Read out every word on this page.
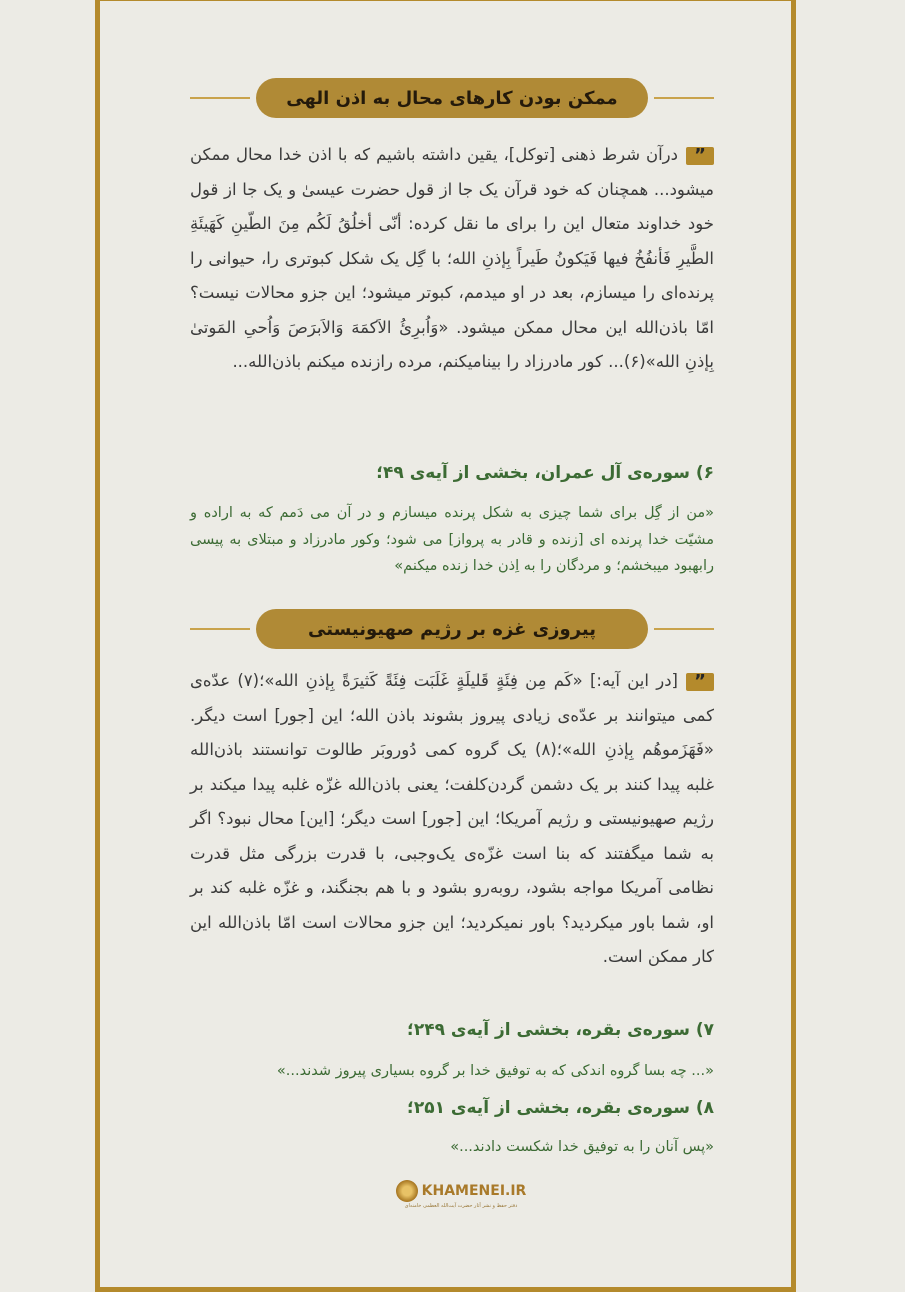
ممکن بودن کارهای محال به اذن الهی
”درآن شرط ذهنی [توکل]، یقین داشته باشیم که با اذن خدا محال ممکن میشود... همچنان که خود قرآن یک جا از قول حضرت عیسیٰ و یک جا از قول خود خداوند متعال این را برای ما نقل کرده: أنّی أخلُقُ لَکُم مِنَ الطّینِ کَهَیئَةِ الطَّیرِ فَأنفُخُ فیها فَیَکونُ طَیراً بِإذنِ الله؛ با گِل یک شکل کبوتری را، حیوانی را پرنده‌ای را میسازم، بعد در او میدمم، کبوتر میشود؛ این جزو محالات نیست؟ امّا باذن‌الله این محال ممکن میشود. «وَاُبرِئُ الاَکمَهَ وَالاَبرَصَ وَاُحیِ المَوتیٰ بِإذنِ الله»(۶)... کور مادرزاد را بینامیکنم، مرده رازنده میکنم باذن‌الله...
۶) سوره‌ی آل عمران، بخشی از آیه‌ی ۴۹؛
«من از گِل برای شما چیزی به شکل پرنده میسازم و در آن می دَمم که به اراده و مشیّت خدا پرنده ای [زنده و قادر به پرواز] می شود؛ وکور مادرزاد و مبتلای به پیسی رابهبود میبخشم؛ و مردگان را به اِذن خدا زنده میکنم»
پیروزی غزه بر رژیم صهیونیستی
”[در این آیه:] «کَم مِن فِئَةٍ قَلیلَةٍ غَلَبَت فِئَةً کَثیرَةً بِإذنِ الله»؛(۷) عدّه‌ی کمی میتوانند بر عدّه‌ی زیادی پیروز بشوند باذن الله؛ این [جور] است دیگر. «فَهَزَموهُم بِإذنِ الله»؛(۸) یک گروه کمی دُوروبَر طالوت توانستند باذن‌الله غلبه پیدا کنند بر یک دشمن گردن‌کلفت؛ یعنی باذن‌الله غزّه غلبه پیدا میکند بر رژیم صهیونیستی و رژیم آمریکا؛ این [جور] است دیگر؛ [این] محال نبود؟ اگر به شما میگفتند که بنا است غزّه‌ی یک‌وجبی، با قدرت بزرگی مثل قدرت نظامی آمریکا مواجه بشود، روبه‌رو بشود و با هم بجنگند، و غزّه غلبه کند بر او، شما باور میکردید؟ باور نمیکردید؛ این جزو محالات است امّا باذن‌الله این کار ممکن است.
۷) سوره‌ی بقره، بخشی از آیه‌ی ۲۴۹؛
«... چه بسا گروه اندکی که به توفیق خدا بر گروه بسیاری پیروز شدند...»
۸) سوره‌ی بقره، بخشی از آیه‌ی ۲۵۱؛
«پس آنان را به توفیق خدا شکست دادند...»
KHAMENEI.IR
دفتر حفظ و نشر آثار حضرت آیت‌الله العظمی خامنه‌ای
